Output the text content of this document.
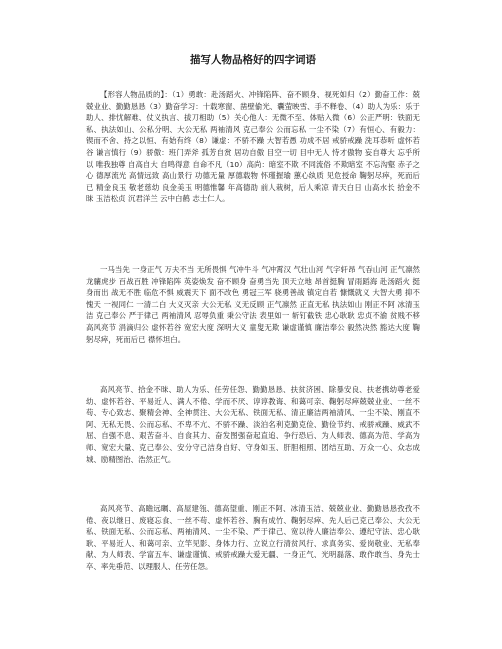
描写人物品格好的四字词语
【形容人物品质的】：（1）勇敢：赴汤蹈火、冲锋陷阵、奋不顾身、视死如归（2）勤奋工作：兢兢业业、勤勤恳恳（3）勤奋学习：十载寒窗、凿壁偷光、囊萤映雪、手不释卷、（4）助人为乐：乐于助人、排忧解难、仗义执言、拔刀相助（5）关心他人：无微不至、体贴入微（6）公正严明：铁面无私、执法如山、公私分明、大公无私 两袖清风 克己奉公 公而忘私 一尘不染（7）有恒心、有毅力：锲而不舍、持之以恒、有始有终（8）谦虚：不骄不躁 大智若愚 功成不居 戒骄戒躁 洗耳恭听 虚怀若谷 谦言慎行（9）骄傲：班门弄斧 孤芳自赏 居功自傲 目空一切 目中无人 恃才傲物 妄自尊大 忘乎所以 唯我独尊 自高自大 自鸣得意 自命不凡（10）高尚：暗室不欺 不同流俗 不欺暗室 不忘沟壑 赤子之心 德厚流光 高情远致 高山景行 功德无量 厚德载物 怀瑾握瑜 蕙心纨质 见危授命 鞠躬尽瘁，死而后已 精金良玉 敬老慈幼 良金美玉 明德惟馨 年高德劭 前人栽树，后人乘凉 青天白日 山高水长 拾金不昧 玉洁松贞 沉君洋兰 云中白鹤 志士仁人。
一马当先 一身正气 万夫不当 无所畏惧 气冲牛斗 气冲霄汉 气壮山河 气字轩昂 气吞山河 正气凛然 龙骧虎步 百战百胜 冲锋陷阵 英姿焕发 奋不顾身 奋勇当先 顶天立地 昂首挺胸 冒雨蹈海 赴汤蹈火 挺身而出 战无不胜 临危不惧 威震天下 面不改色 勇冠三军 骁勇善战 镇定自若 慷慨就义 大智大勇 抑不愧天 一视同仁 一清二白 大义灭亲 大公无私 义无反顾 正气凛然 正直无私 执法如山 刚正不阿 冰清玉洁 克己奉公 严于律己 两袖清风 忍辱负重 秉公守法 表里如一 斩钉截铁 忠心耿耿 忠贞不渝 贫贱不移 高风亮节 涓滴归公 虚怀若谷 宽宏大度 深明大义 童叟无欺 谦虚谨慎 廉洁奉公 毅然决然 豁达大度 鞠躬尽瘁，死而后已 襟怀坦白。
高风亮节、拾金不昧、助人为乐、任劳任怨、勤勤恳恳、扶贫济困、除暴安良、扶老携幼尊老爱幼、虚怀若谷、平易近人、满人不倦、学而不厌、谆谆教诲、和蔼可亲、鞠躬尽瘁兢兢业业、一丝不苟、专心致志、聚精会神、全神贯注、大公无私、铁面无私、清正廉洁两袖清风、一尘不染、刚直不阿、无私无畏、公而忘私、不卑不亢、不骄不躁、淡泊名利克勤克俭、勤俭节约、戒骄戒躁、威武不屈、自强不息、艰苦奋斗、自食其力、奋发图强奋起直追、争行恐后、为人师表、德高为范、学高为师、宽宏大量、克己奉公、安分守己洁身自好、守身如玉、肝胆相照、团结互助、万众一心、众志成城、励精图治、浩然正气。
高风亮节、高瞻远瞩、高屋建瓴、德高望重、刚正不阿、冰清玉洁、兢兢业业、勤勤恳恳孜孜不倦、夜以继日、废寝忘食、一丝不苟、虚怀若谷、胸有成竹、鞠躬尽瘁、先人后己克己奉公、大公无私、铁面无私、公而忘私、两袖清风、一尘不染、严于律己、宽以待人廉洁奉公、遵纪守法、忠心耿耿、平易近人、和蔼可亲、立竿见影、身体力行、立说立行清贫风行、求真务实、爱岗敬业、无私奉献、为人师表、学富五车、谦虚谨慎、戒骄戒躁大爱无疆、一身正气、光明磊落、敢作敢当、身先士卒、率先垂范、以理服人、任劳任怨。
